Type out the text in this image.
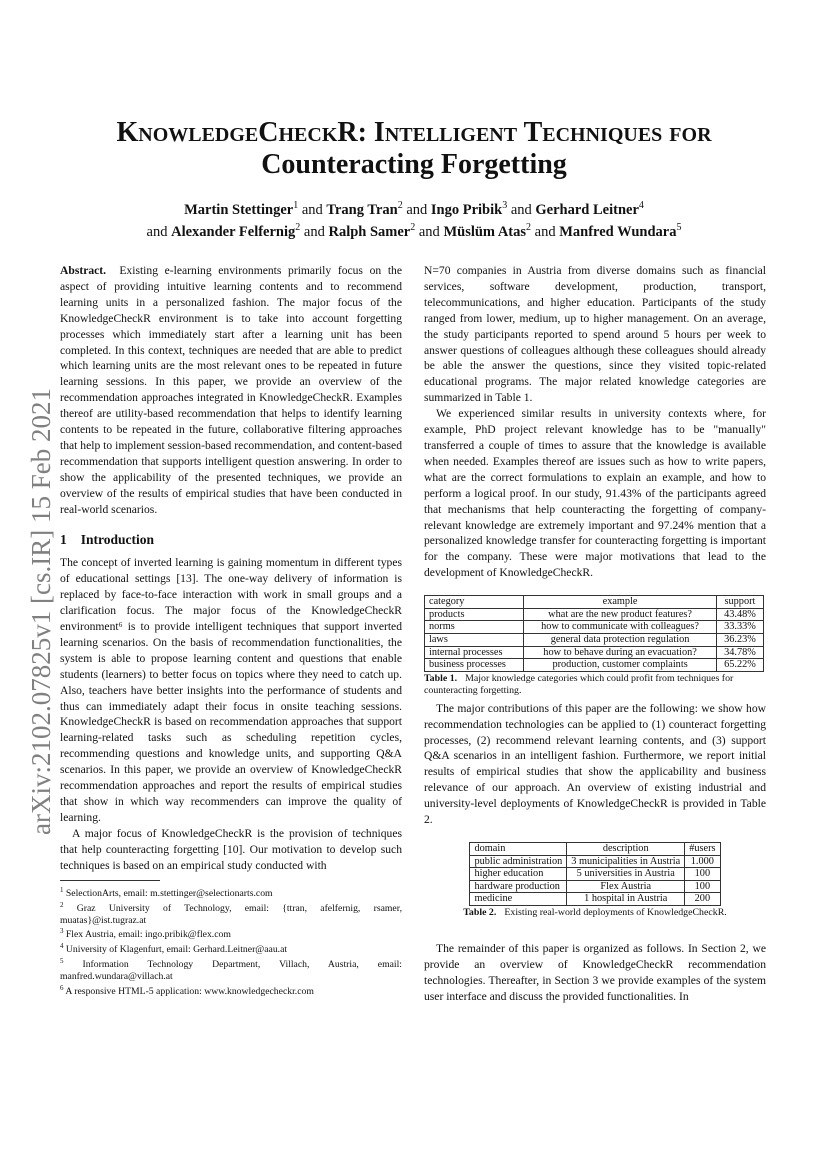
arXiv:2102.07825v1 [cs.IR] 15 Feb 2021
KnowledgeCheckR: Intelligent Techniques for
Counteracting Forgetting
Martin Stettinger$^1$ and Trang Tran$^2$ and Ingo Pribik$^3$ and Gerhard Leitner$^4$
and Alexander Felfernig$^2$ and Ralph Samer$^2$ and Müslüm Atas$^2$ and Manfred Wundara$^5$

Abstract. Existing e-learning environments primarily focus on the aspect of providing intuitive learning contents and to recommend learning units in a personalized fashion. The major focus of the KnowledgeCheckR environment is to take into account forgetting processes which immediately start after a learning unit has been completed. In this context, techniques are needed that are able to predict which learning units are the most relevant ones to be repeated in future learning sessions. In this paper, we provide an overview of the recommendation approaches integrated in KnowledgeCheckR. Examples thereof are utility-based recommendation that helps to identify learning contents to be repeated in the future, collaborative filtering approaches that help to implement session-based recommendation, and content-based recommendation that supports intelligent question answering. In order to show the applicability of the presented techniques, we provide an overview of the results of empirical studies that have been conducted in real-world scenarios.

1 Introduction

The concept of inverted learning is gaining momentum in different types of educational settings [13]. The one-way delivery of information is replaced by face-to-face interaction with work in small groups and a clarification focus. The major focus of the KnowledgeCheckR environment⁶ is to provide intelligent techniques that support inverted learning scenarios. On the basis of recommendation functionalities, the system is able to propose learning content and questions that enable students (learners) to better focus on topics where they need to catch up. Also, teachers have better insights into the performance of students and thus can immediately adapt their focus in onsite teaching sessions. KnowledgeCheckR is based on recommendation approaches that support learning-related tasks such as scheduling repetition cycles, recommending questions and knowledge units, and supporting Q&A scenarios. In this paper, we provide an overview of KnowledgeCheckR recommendation approaches and report the results of empirical studies that show in which way recommenders can improve the quality of learning.

A major focus of KnowledgeCheckR is the provision of techniques that help counteracting forgetting [10]. Our motivation to develop such techniques is based on an empirical study conducted with

$^1$ SelectionArts, email: m.stettinger@selectionarts.com
$^2$ Graz University of Technology, email: {ttran, afelfernig, rsamer, muatas}@ist.tugraz.at
$^3$ Flex Austria, email: ingo.pribik@flex.com
$^4$ University of Klagenfurt, email: Gerhard.Leitner@aau.at
$^5$ Information Technology Department, Villach, Austria, email: manfred.wundara@villach.at
$^6$ A responsive HTML-5 application: www.knowledgecheckr.com

N=70 companies in Austria from diverse domains such as financial services, software development, production, transport, telecommunications, and higher education. Participants of the study ranged from lower, medium, up to higher management. On an average, the study participants reported to spend around 5 hours per week to answer questions of colleagues although these colleagues should already be able the answer the questions, since they visited topic-related educational programs. The major related knowledge categories are summarized in Table 1.

We experienced similar results in university contexts where, for example, PhD project relevant knowledge has to be "manually" transferred a couple of times to assure that the knowledge is available when needed. Examples thereof are issues such as how to write papers, what are the correct formulations to explain an example, and how to perform a logical proof. In our study, 91.43% of the participants agreed that mechanisms that help counteracting the forgetting of company-relevant knowledge are extremely important and 97.24% mention that a personalized knowledge transfer for counteracting forgetting is important for the company. These were major motivations that lead to the development of KnowledgeCheckR.

category	example	support
products	what are the new product features?	43.48%
norms	how to communicate with colleagues?	33.33%
laws	general data protection regulation	36.23%
internal processes	how to behave during an evacuation?	34.78%
business processes	production, customer complaints	65.22%
Table 1. Major knowledge categories which could profit from techniques for counteracting forgetting.

The major contributions of this paper are the following: we show how recommendation technologies can be applied to (1) counteract forgetting processes, (2) recommend relevant learning contents, and (3) support Q&A scenarios in an intelligent fashion. Furthermore, we report initial results of empirical studies that show the applicability and business relevance of our approach. An overview of existing industrial and university-level deployments of KnowledgeCheckR is provided in Table 2.

domain	description	#users
public administration	3 municipalities in Austria	1.000
higher education	5 universities in Austria	100
hardware production	Flex Austria	100
medicine	1 hospital in Austria	200
Table 2. Existing real-world deployments of KnowledgeCheckR.

The remainder of this paper is organized as follows. In Section 2, we provide an overview of KnowledgeCheckR recommendation technologies. Thereafter, in Section 3 we provide examples of the system user interface and discuss the provided functionalities. In
